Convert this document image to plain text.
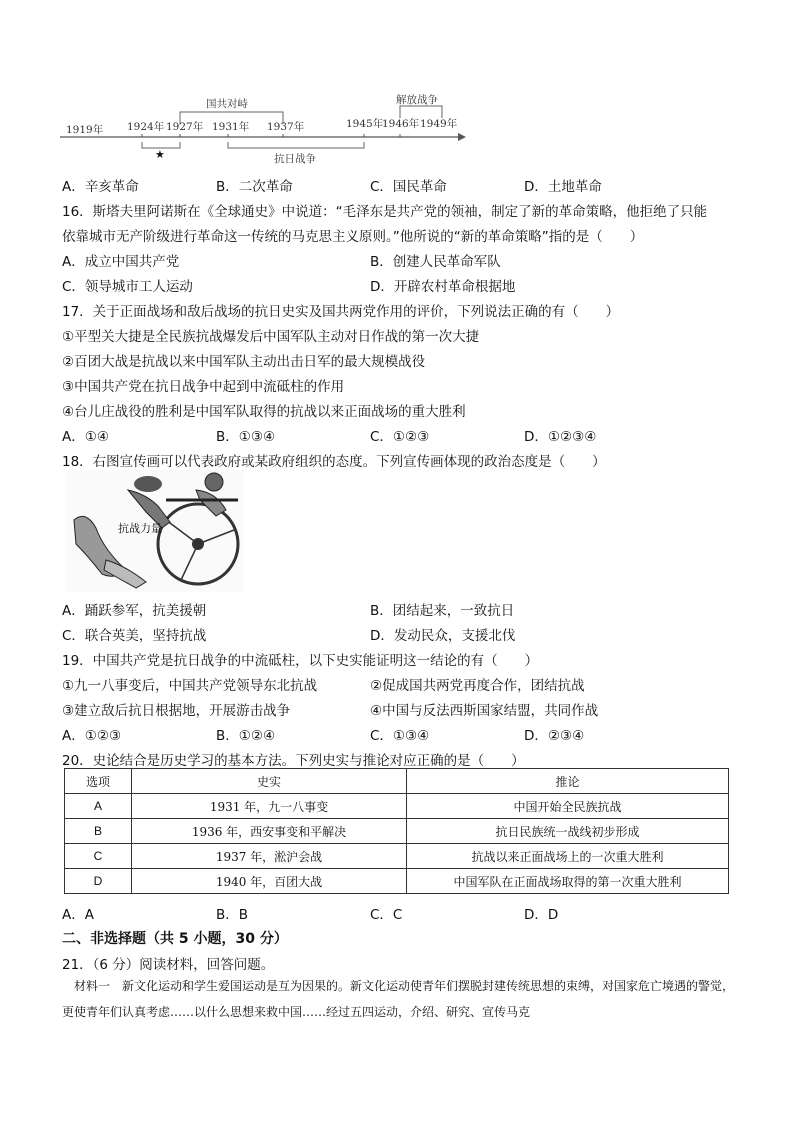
1919年 1924年 1927年 1931年 1937年	1945年
1946年 1949年
国共对峙	解放战争
抗日战争
★
A．辛亥革命	B．二次革命	C．国民革命	D．土地革命
16．斯塔夫里阿诺斯在《全球通史》中说道：“毛泽东是共产党的领袖，制定了新的革命策略，他拒绝了只能
依靠城市无产阶级进行革命这一传统的马克思主义原则。”他所说的“新的革命策略”指的是（　　）
A．成立中国共产党	B．创建人民革命军队
C．领导城市工人运动	D．开辟农村革命根据地
17．关于正面战场和敌后战场的抗日史实及国共两党作用的评价，下列说法正确的有（　　）
①平型关大捷是全民族抗战爆发后中国军队主动对日作战的第一次大捷
②百团大战是抗战以来中国军队主动出击日军的最大规模战役
③中国共产党在抗日战争中起到中流砥柱的作用
④台儿庄战役的胜利是中国军队取得的抗战以来正面战场的重大胜利
A．①④	B．①③④	C．①②③	D．①②③④
18．右图宣传画可以代表政府或某政府组织的态度。下列宣传画体现的政治态度是（　　）
抗战力量
A．踊跃参军，抗美援朝	B．团结起来，一致抗日
C．联合英美，坚持抗战	D．发动民众，支援北伐
19．中国共产党是抗日战争的中流砥柱，以下史实能证明这一结论的有（　　）
①九一八事变后，中国共产党领导东北抗战	②促成国共两党再度合作，团结抗战
③建立敌后抗日根据地，开展游击战争	④中国与反法西斯国家结盟，共同作战
A．①②③	B．①②④	C．①③④	D．②③④
20．史论结合是历史学习的基本方法。下列史实与推论对应正确的是（　　）
选项	史实	推论
A	1931 年，九一八事变	中国开始全民族抗战
B	1936 年，西安事变和平解决	抗日民族统一战线初步形成
C	1937 年，淞沪会战	抗战以来正面战场上的一次重大胜利
D	1940 年，百团大战	中国军队在正面战场取得的第一次重大胜利
A．A	B．B	C．C	D．D
二、非选择题（共 5 小题，30 分）
21．（6 分）阅读材料，回答问题。
材料一　新文化运动和学生爱国运动是互为因果的。新文化运动使青年们摆脱封建传统思想的束缚，对国家危亡境遇的警觉，更使青年们认真考虑……以什么思想来救中国……经过五四运动，介绍、研究、宣传马克
